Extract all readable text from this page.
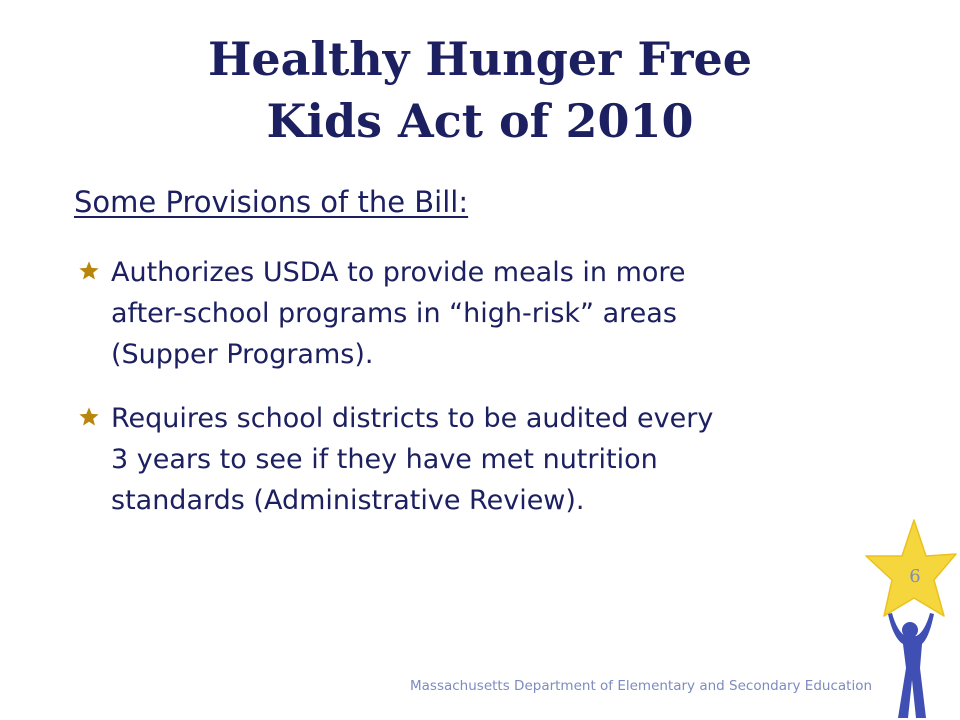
Healthy Hunger Free
Kids Act of 2010
Some Provisions of the Bill:
Authorizes USDA to provide meals in more
after-school programs in “high-risk” areas
(Supper Programs).
Requires school districts to be audited every
3 years to see if they have met nutrition
standards (Administrative Review).
Massachusetts Department of Elementary and Secondary Education
6
